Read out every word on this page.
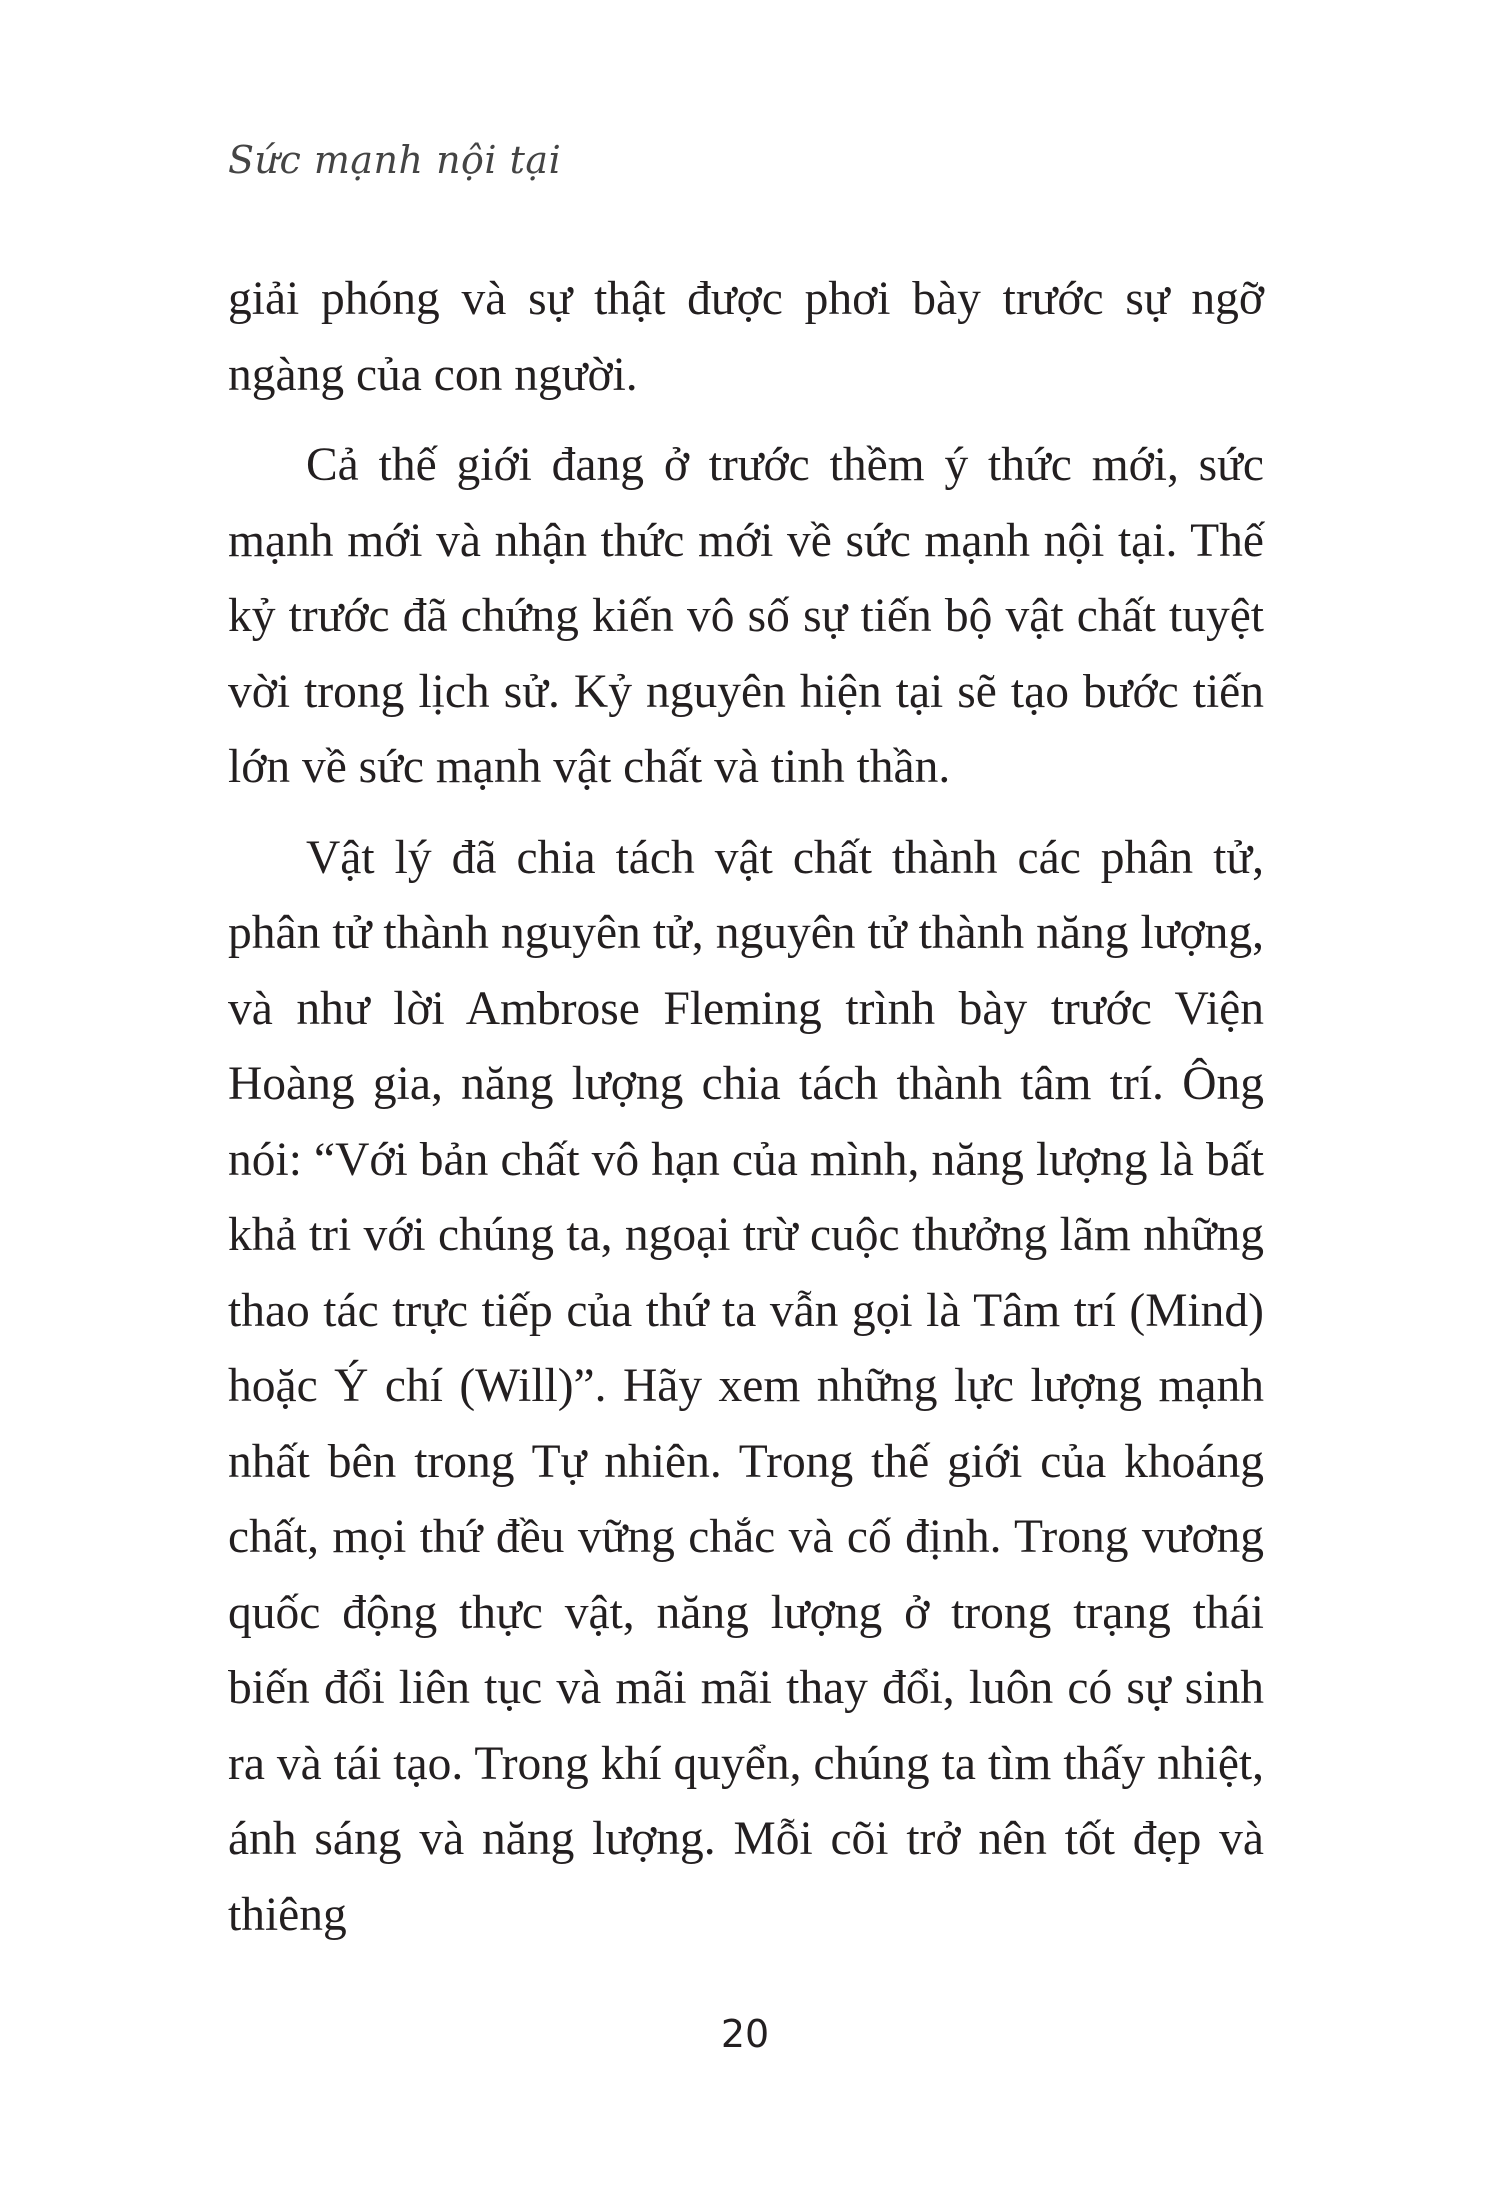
Sức mạnh nội tại

giải phóng và sự thật được phơi bày trước sự ngỡ ngàng của con người.

Cả thế giới đang ở trước thềm ý thức mới, sức mạnh mới và nhận thức mới về sức mạnh nội tại. Thế kỷ trước đã chứng kiến vô số sự tiến bộ vật chất tuyệt vời trong lịch sử. Kỷ nguyên hiện tại sẽ tạo bước tiến lớn về sức mạnh vật chất và tinh thần.

Vật lý đã chia tách vật chất thành các phân tử, phân tử thành nguyên tử, nguyên tử thành năng lượng, và như lời Ambrose Fleming trình bày trước Viện Hoàng gia, năng lượng chia tách thành tâm trí. Ông nói: “Với bản chất vô hạn của mình, năng lượng là bất khả tri với chúng ta, ngoại trừ cuộc thưởng lãm những thao tác trực tiếp của thứ ta vẫn gọi là Tâm trí (Mind) hoặc Ý chí (Will)”. Hãy xem những lực lượng mạnh nhất bên trong Tự nhiên. Trong thế giới của khoáng chất, mọi thứ đều vững chắc và cố định. Trong vương quốc động thực vật, năng lượng ở trong trạng thái biến đổi liên tục và mãi mãi thay đổi, luôn có sự sinh ra và tái tạo. Trong khí quyển, chúng ta tìm thấy nhiệt, ánh sáng và năng lượng. Mỗi cõi trở nên tốt đẹp và thiêng

20
